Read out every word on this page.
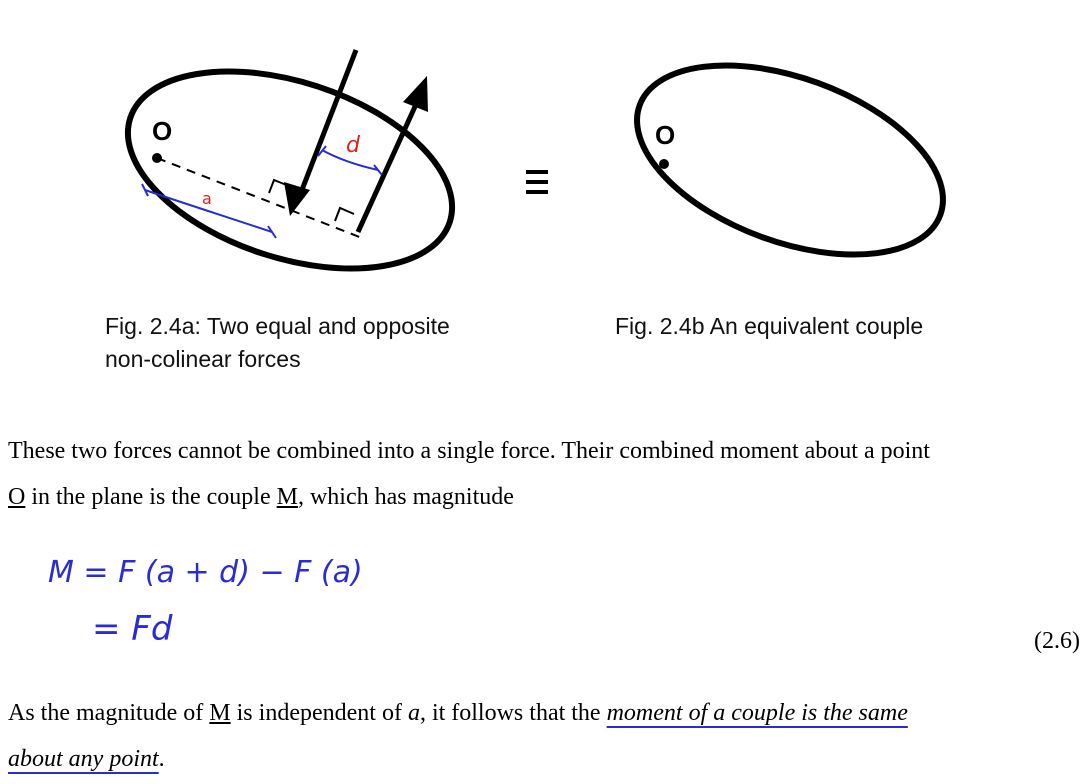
O	d
a
O
Fig. 2.4a: Two equal and opposite
non-colinear forces
Fig. 2.4b An equivalent couple
These two forces cannot be combined into a single force. Their combined moment about a point
O in the plane is the couple M, which has magnitude
M = F (a + d) − F (a)
= Fd	(2.6)
As the magnitude of M is independent of a, it follows that the moment of a couple is the same
about any point.
